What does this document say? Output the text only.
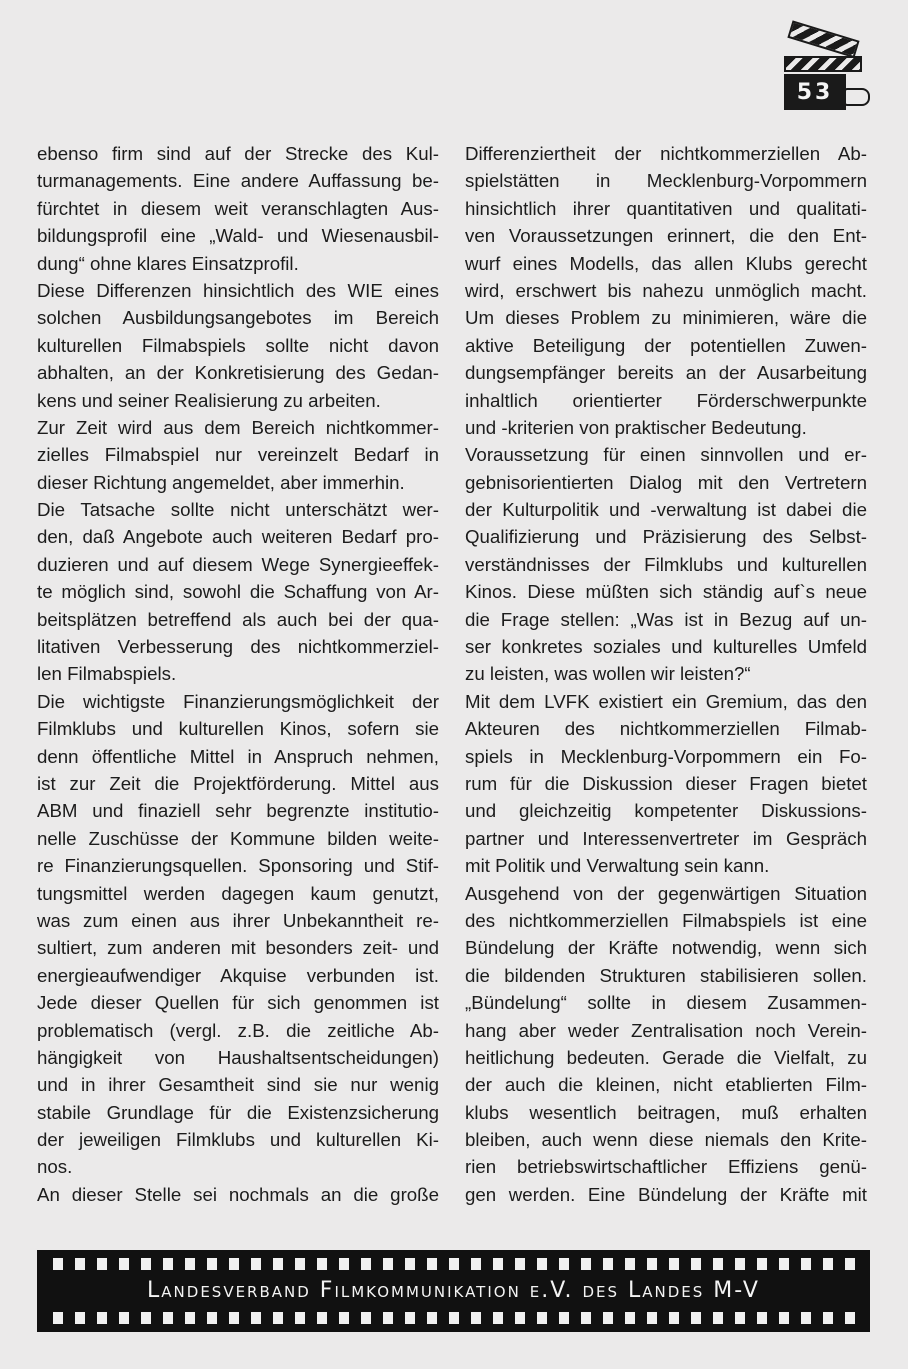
53
ebenso firm sind auf der Strecke des Kul-
turmanagements. Eine andere Auffassung be-
fürchtet in diesem weit veranschlagten Aus-
bildungsprofil eine „Wald- und Wiesenausbil-
dung“ ohne klares Einsatzprofil.
Diese Differenzen hinsichtlich des WIE eines
solchen Ausbildungsangebotes im Bereich
kulturellen Filmabspiels sollte nicht davon
abhalten, an der Konkretisierung des Gedan-
kens und seiner Realisierung zu arbeiten.
Zur Zeit wird aus dem Bereich nichtkommer-
zielles Filmabspiel nur vereinzelt Bedarf in
dieser Richtung angemeldet, aber immerhin.
Die Tatsache sollte nicht unterschätzt wer-
den, daß Angebote auch weiteren Bedarf pro-
duzieren und auf diesem Wege Synergieeffek-
te möglich sind, sowohl die Schaffung von Ar-
beitsplätzen betreffend als auch bei der qua-
litativen Verbesserung des nichtkommerziel-
len Filmabspiels.
Die wichtigste Finanzierungsmöglichkeit der
Filmklubs und kulturellen Kinos, sofern sie
denn öffentliche Mittel in Anspruch nehmen,
ist zur Zeit die Projektförderung. Mittel aus
ABM und finaziell sehr begrenzte institutio-
nelle Zuschüsse der Kommune bilden weite-
re Finanzierungsquellen. Sponsoring und Stif-
tungsmittel werden dagegen kaum genutzt,
was zum einen aus ihrer Unbekanntheit re-
sultiert, zum anderen mit besonders zeit- und
energieaufwendiger Akquise verbunden ist.
Jede dieser Quellen für sich genommen ist
problematisch (vergl. z.B. die zeitliche Ab-
hängigkeit von Haushaltsentscheidungen)
und in ihrer Gesamtheit sind sie nur wenig
stabile Grundlage für die Existenzsicherung
der jeweiligen Filmklubs und kulturellen Ki-
nos.
An dieser Stelle sei nochmals an die große
Differenziertheit der nichtkommerziellen Ab-
spielstätten in Mecklenburg-Vorpommern
hinsichtlich ihrer quantitativen und qualitati-
ven Voraussetzungen erinnert, die den Ent-
wurf eines Modells, das allen Klubs gerecht
wird, erschwert bis nahezu unmöglich macht.
Um dieses Problem zu minimieren, wäre die
aktive Beteiligung der potentiellen Zuwen-
dungsempfänger bereits an der Ausarbeitung
inhaltlich orientierter Förderschwerpunkte
und -kriterien von praktischer Bedeutung.
Voraussetzung für einen sinnvollen und er-
gebnisorientierten Dialog mit den Vertretern
der Kulturpolitik und -verwaltung ist dabei die
Qualifizierung und Präzisierung des Selbst-
verständnisses der Filmklubs und kulturellen
Kinos. Diese müßten sich ständig auf`s neue
die Frage stellen: „Was ist in Bezug auf un-
ser konkretes soziales und kulturelles Umfeld
zu leisten, was wollen wir leisten?“
Mit dem LVFK existiert ein Gremium, das den
Akteuren des nichtkommerziellen Filmab-
spiels in Mecklenburg-Vorpommern ein Fo-
rum für die Diskussion dieser Fragen bietet
und gleichzeitig kompetenter Diskussions-
partner und Interessenvertreter im Gespräch
mit Politik und Verwaltung sein kann.
Ausgehend von der gegenwärtigen Situation
des nichtkommerziellen Filmabspiels ist eine
Bündelung der Kräfte notwendig, wenn sich
die bildenden Strukturen stabilisieren sollen.
„Bündelung“ sollte in diesem Zusammen-
hang aber weder Zentralisation noch Verein-
heitlichung bedeuten. Gerade die Vielfalt, zu
der auch die kleinen, nicht etablierten Film-
klubs wesentlich beitragen, muß erhalten
bleiben, auch wenn diese niemals den Krite-
rien betriebswirtschaftlicher Effiziens genü-
gen werden. Eine Bündelung der Kräfte mit
Landesverband Filmkommunikation e.V. des Landes M-V
